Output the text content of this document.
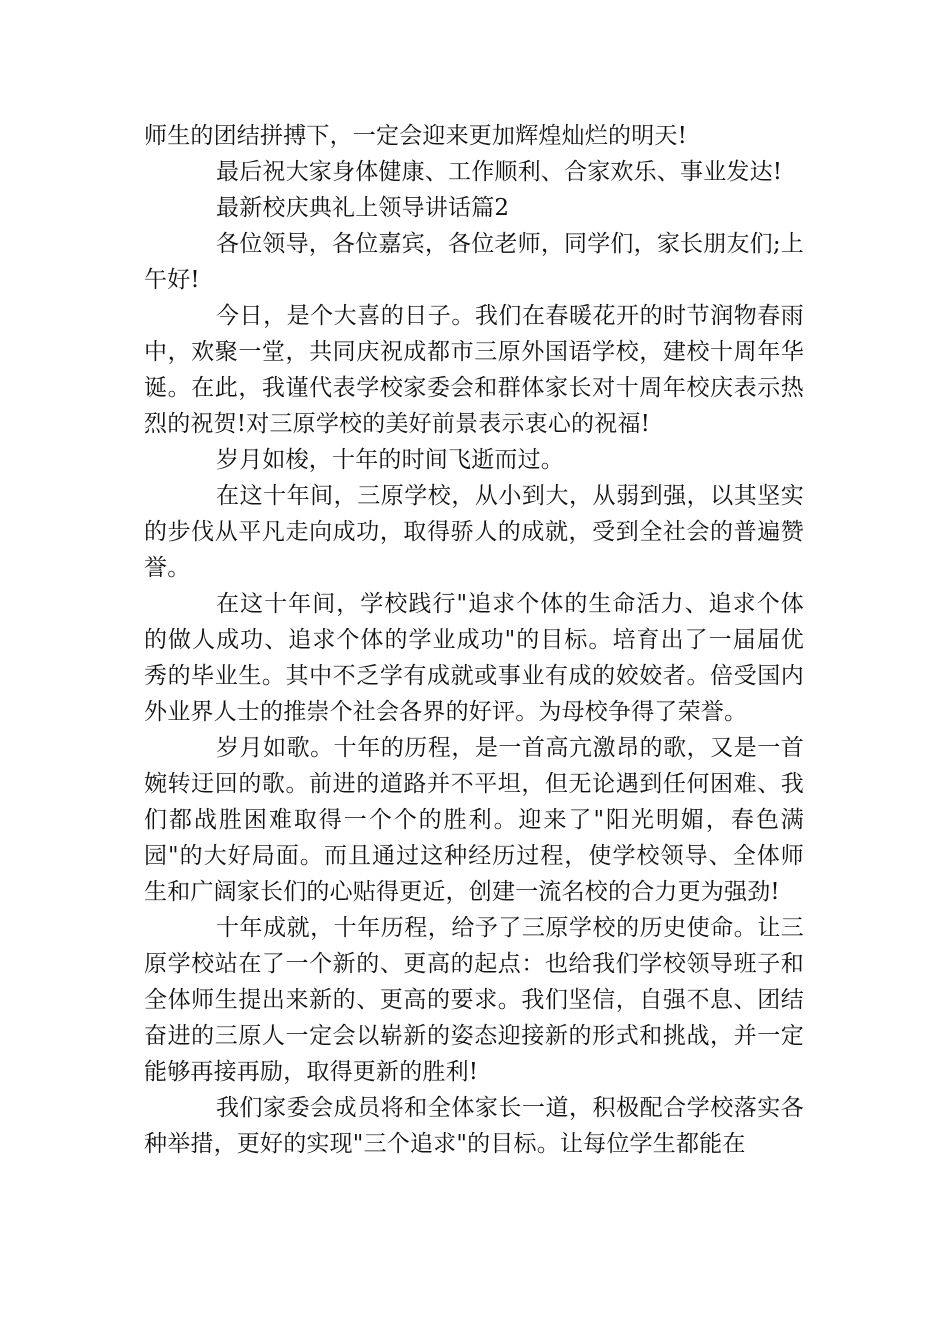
师生的团结拼搏下，一定会迎来更加辉煌灿烂的明天!

最后祝大家身体健康、工作顺利、合家欢乐、事业发达!

最新校庆典礼上领导讲话篇2

各位领导，各位嘉宾，各位老师，同学们，家长朋友们;上午好!

今日，是个大喜的日子。我们在春暖花开的时节润物春雨中，欢聚一堂，共同庆祝成都市三原外国语学校，建校十周年华诞。在此，我谨代表学校家委会和群体家长对十周年校庆表示热烈的祝贺!对三原学校的美好前景表示衷心的祝福!

岁月如梭，十年的时间飞逝而过。

在这十年间，三原学校，从小到大，从弱到强，以其坚实的步伐从平凡走向成功，取得骄人的成就，受到全社会的普遍赞誉。

在这十年间，学校践行"追求个体的生命活力、追求个体的做人成功、追求个体的学业成功"的目标。培育出了一届届优秀的毕业生。其中不乏学有成就或事业有成的姣姣者。倍受国内外业界人士的推崇个社会各界的好评。为母校争得了荣誉。

岁月如歌。十年的历程，是一首高亢激昂的歌，又是一首婉转迂回的歌。前进的道路并不平坦，但无论遇到任何困难、我们都战胜困难取得一个个的胜利。迎来了"阳光明媚，春色满园"的大好局面。而且通过这种经历过程，使学校领导、全体师生和广阔家长们的心贴得更近，创建一流名校的合力更为强劲!

十年成就，十年历程，给予了三原学校的历史使命。让三原学校站在了一个新的、更高的起点：也给我们学校领导班子和全体师生提出来新的、更高的要求。我们坚信，自强不息、团结奋进的三原人一定会以崭新的姿态迎接新的形式和挑战，并一定能够再接再励，取得更新的胜利!

我们家委会成员将和全体家长一道，积极配合学校落实各种举措，更好的实现"三个追求"的目标。让每位学生都能在
